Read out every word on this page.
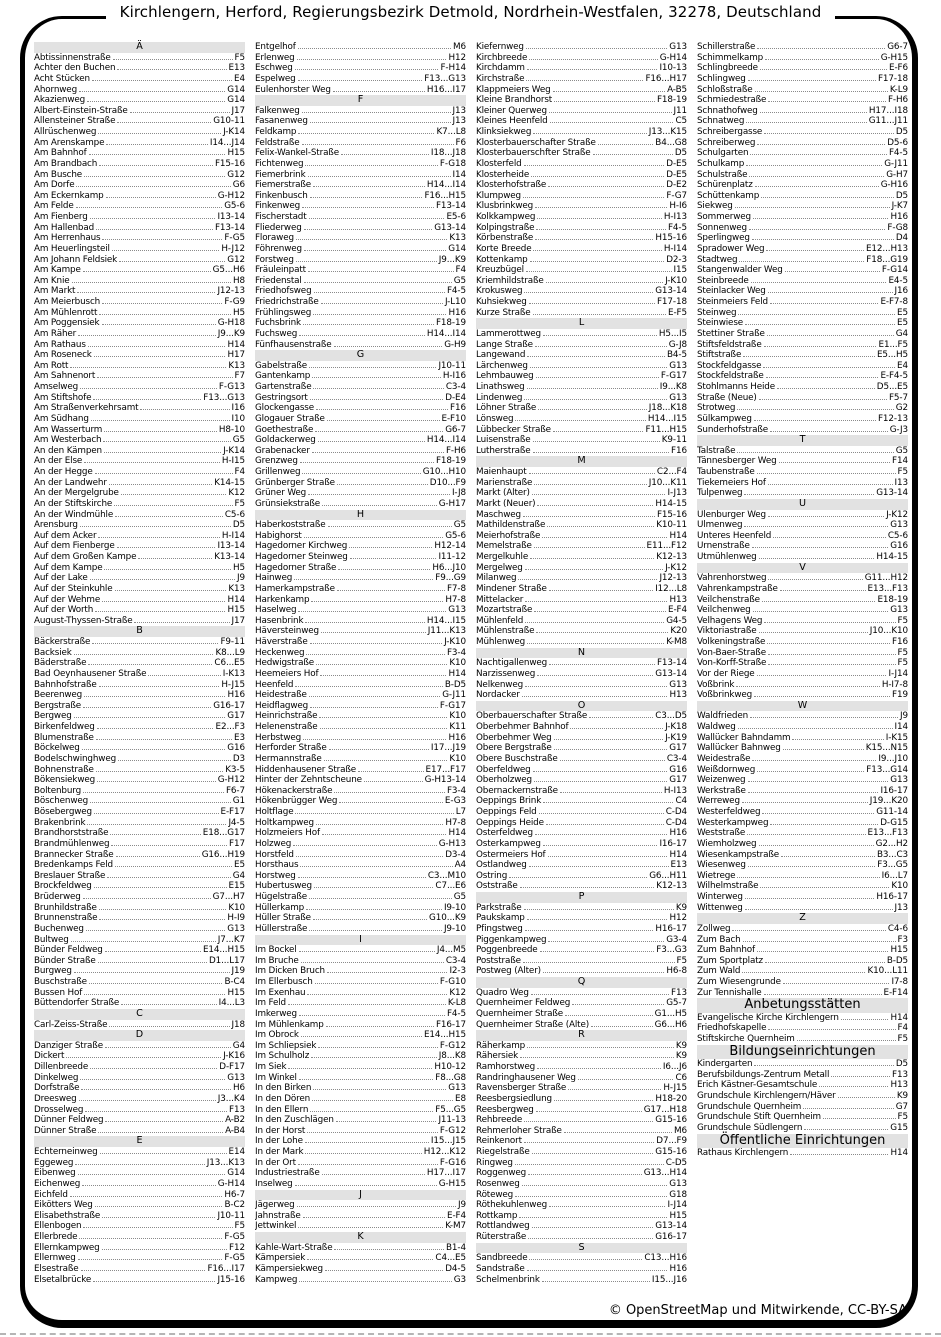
Kirchlengern, Herford, Regierungsbezirk Detmold, Nordrhein-Westfalen, 32278, Deutschland
Ä
Äbtissinnenstraße	F5
Achter den Buchen	E13
Acht Stücken	E4
Ahornweg	G14
Akazienweg	G14
Albert-Einstein-Straße	J17
Allensteiner Straße	G10-11
Allrüschenweg	J-K14
Am Arenskampe	I14...J14
Am Bahnhof	H15
Am Brandbach	F15-16
Am Busche	G12
Am Dorfe	G6
Am Eckernkamp	G-H12
Am Felde	G5-6
Am Fienberg	I13-14
Am Hallenbad	F13-14
Am Herrenhaus	F-G5
Am Heuerlingsteil	H-J12
Am Johann Feldsiek	G12
Am Kampe	G5...H6
Am Knie	H8
Am Markt	J12-13
Am Meierbusch	F-G9
Am Mühlenrott	H5
Am Poggensiek	G-H18
Am Räher	J9...K9
Am Rathaus	H14
Am Roseneck	H17
Am Rott	K13
Am Sahnenort	F7
Amselweg	F-G13
Am Stiftshofe	F13...G13
Am Straßenverkehrsamt	I16
Am Südhang	I10
Am Wasserturm	H8-10
Am Westerbach	G5
An den Kämpen	J-K14
An der Else	H-I15
An der Hegge	F4
An der Landwehr	K14-15
An der Mergelgrube	K12
An der Stiftskirche	F5
An der Windmühle	C5-6
Arensburg	D5
Auf dem Acker	H-I14
Auf dem Fienberge	I13-14
Auf dem Großen Kampe	K13-14
Auf dem Kampe	H5
Auf der Lake	J9
Auf der Steinkuhle	K13
Auf der Wehme	H14
Auf der Worth	H15
August-Thyssen-Straße	J17
B
Bäckerstraße	F9-11
Backsiek	K8...L9
Bäderstraße	C6...E5
Bad Oeynhausener Straße	I-K13
Bahnhofstraße	H-J15
Beerenweg	H16
Bergstraße	G16-17
Bergweg	G17
Birkenfeldweg	E2...F3
Blumenstraße	E3
Böckelweg	G16
Bodelschwinghweg	D3
Bohnenstraße	K3-5
Bökensiekweg	G-H12
Boltenburg	F6-7
Böschenweg	G1
Bösebergweg	E-F17
Brakenbrink	J4-5
Brandhorststraße	E18...G17
Brandmühlenweg	F17
Brannecker Straße	G16...H19
Bredenkamps Feld	E5
Breslauer Straße	G4
Brockfeldweg	E15
Brüderweg	G7...H7
Brunhildstraße	K10
Brunnenstraße	H-I9
Buchenweg	G13
Bultweg	J7...K7
Bünder Feldweg	E14...H15
Bünder Straße	D1...L17
Burgweg	J19
Buschstraße	B-C4
Bussen Hof	H15
Büttendorfer Straße	I4...L3
C
Carl-Zeiss-Straße	J18
D
Danziger Straße	G4
Dickert	J-K16
Dillenbreede	D-F17
Dinkelweg	G13
Dorfstraße	H6
Dreesweg	J3...K4
Drosselweg	F13
Dünner Feldweg	A-B2
Dünner Straße	A-B4
E
Echterneinweg	E14
Eggeweg	J13...K13
Eibenweg	G14
Eichenweg	G-H14
Eichfeld	H6-7
Eikötters Weg	B-C2
Elisabethstraße	J10-11
Ellenbogen	F5
Ellerbrede	F-G5
Ellernkampweg	F12
Ellernweg	F-G5
Elsestraße	F16...I17
Elsetalbrücke	J15-16
Entgelhof	M6
Erlenweg	H12
Eschweg	F-H14
Espelweg	F13...G13
Eulenhorster Weg	H16...I17
F
Falkenweg	J13
Fasanenweg	J13
Feldkamp	K7...L8
Feldstraße	F6
Felix-Wankel-Straße	I18...J18
Fichtenweg	F-G18
Fiemerbrink	I14
Fiemerstraße	H14...I14
Finkenbusch	F16...H15
Finkenweg	F13-14
Fischerstadt	E5-6
Fliederweg	G13-14
Floraweg	K13
Föhrenweg	G14
Forstweg	J9...K9
Fräuleinpatt	F4
Friedenstal	G5
Friedhofsweg	F4-5
Friedrichstraße	J-L10
Frühlingsweg	H16
Fuchsbrink	F18-19
Fuchsweg	H14...I14
Fünfhausenstraße	G-H9
G
Gabelstraße	J10-11
Gantenkamp	H-I16
Gartenstraße	C3-4
Gestringsort	D-E4
Glockengasse	F16
Glogauer Straße	E-F10
Goethestraße	G6-7
Goldackerweg	H14...I14
Grabenacker	F-H6
Grenzweg	F18-19
Grillenweg	G10...H10
Grünberger Straße	D10...F9
Grüner Weg	I-J8
Grünsiekstraße	G-H17
H
Haberkoststraße	G5
Habighorst	G5-6
Hagedorner Kirchweg	H12-14
Hagedorner Steinweg	I11-12
Hagedorner Straße	H6...J10
Hainweg	F9...G9
Hamerkampstraße	F7-8
Harkenkamp	H7-8
Haselweg	G13
Hasenbrink	H14...I15
Häversteinweg	J11...K13
Häverstraße	J-K10
Heckenweg	F3-4
Hedwigstraße	K10
Heemeiers Hof	H14
Heenfeld	B-D5
Heidestraße	G-J11
Heidflagweg	F-G17
Heinrichstraße	K10
Helenenstraße	K11
Herbstweg	H16
Herforder Straße	I17...J19
Hermannstraße	K10
Hiddenhausener Straße	E17...F17
Hinter der Zehntscheune	G-H13-14
Hökenackerstraße	F3-4
Hökenbrügger Weg	E-G3
Holtflage	L7
Holtkampweg	H7-8
Holzmeiers Hof	H14
Holzweg	G-H13
Horstfeld	D3-4
Horsthaus	A4
Horstweg	C3...M10
Hubertusweg	C7...E6
Hügelstraße	G5
Hüllerkamp	I9-10
Hüller Straße	G10...K9
Hüllerstraße	J9-10
I
Im Bockel	J4...M5
Im Bruche	C3-4
Im Dicken Bruch	I2-3
Im Ellerbusch	F-G10
Im Exenhau	K12
Im Feld	K-L8
Imkerweg	F4-5
Im Mühlenkamp	F16-17
Im Obrock	E14...H15
Im Schliepsiek	F-G12
Im Schulholz	J8...K8
Im Siek	H10-12
Im Winkel	F8...G8
In den Birken	G13
In den Dören	E8
In den Ellern	F5...G5
In den Zuschlägen	J11-13
In der Horst	F-G12
In der Lohe	I15...J15
In der Mark	H12...K12
In der Ort	F-G16
Industriestraße	H17...I17
Inselweg	G-H15
J
Jägerweg	J9
Jahnstraße	E-F4
Jettwinkel	K-M7
K
Kahle-Wart-Straße	B1-4
Kämpersiek	C4...E5
Kämpersiekweg	D4-5
Kampweg	G3
Kiefernweg	G13
Kirchbreede	G-H14
Kirchdamm	I10-13
Kirchstraße	F16...H17
Klappmeiers Weg	A-B5
Kleine Brandhorst	F18-19
Kleiner Querweg	J11
Kleines Heenfeld	C5
Klinksiekweg	J13...K15
Klosterbauerschafter Straße	B4...G8
Klosterbauerschfter Straße	D5
Klosterfeld	D-E5
Klosterheide	D-E5
Klosterhofstraße	D-E2
Klumpweg	F-G7
Klusbrinkweg	H-I6
Kolkkampweg	H-I13
Kolpingstraße	F4-5
Körbenstraße	H15-16
Korte Breede	H-I14
Kottenkamp	D2-3
Kreuzbügel	I15
Kriemhildstraße	J-K10
Krokusweg	G13-14
Kuhsiekweg	F17-18
Kurze Straße	E-F5
L
Lammerottweg	H5...I5
Lange Straße	G-J8
Langewand	B4-5
Lärchenweg	G13
Lehmbauweg	F-G17
Linathsweg	I9...K8
Lindenweg	G13
Löhner Straße	J18...K18
Lönsweg	H14...I15
Lübbecker Straße	F11...H15
Luisenstraße	K9-11
Lutherstraße	F16
M
Maienhaupt	C2...F4
Marienstraße	J10...K11
Markt (Alter)	I-J13
Markt (Neuer)	H14-15
Maschweg	F15-16
Mathildenstraße	K10-11
Meierhofstraße	H14
Memelstraße	E11...F12
Mergelkuhle	K12-13
Mergelweg	J-K12
Milanweg	J12-13
Mindener Straße	I12...L8
Mittelacker	H13
Mozartstraße	E-F4
Mühlenfeld	G4-5
Mühlenstraße	K20
Mühlenweg	K-M8
N
Nachtigallenweg	F13-14
Narzissenweg	G13-14
Nelkenweg	G13
Nordacker	H13
O
Oberbauerschafter Straße	C3...D5
Oberbehmer Bahnhof	J-K18
Oberbehmer Weg	J-K19
Obere Bergstraße	G17
Obere Buschstraße	C3-4
Oberfeldweg	G16
Oberholzweg	G17
Obernackernstraße	H-I13
Oeppings Brink	C4
Oeppings Feld	C-D4
Oeppings Heide	C-D4
Osterfeldweg	H16
Osterkampweg	I16-17
Ostermeiers Hof	H14
Ostlandweg	E13
Ostring	G6...H11
Oststraße	K12-13
P
Parkstraße	K9
Paukskamp	H12
Pfingstweg	H16-17
Piggenkampweg	G3-4
Poggenbreede	F3...G3
Poststraße	F5
Postweg (Alter)	H6-8
Q
Quadro Weg	F13
Quernheimer Feldweg	G5-7
Quernheimer Straße	G1...H5
Quernheimer Straße (Alte)	G6...H6
R
Räherkamp	K9
Rähersiek	K9
Ramhorstweg	I6...J6
Randringhausener Weg	C6
Ravensberger Straße	H-J15
Reesbergsiedlung	H18-20
Reesbergweg	G17...H18
Rehbreede	G15-16
Rehmerloher Straße	M6
Reinkenort	D7...F9
Riegelstraße	G15-16
Ringweg	C-D5
Roggenweg	G13...H14
Rosenweg	G13
Röteweg	G18
Röthekuhlenweg	I-J14
Rottkamp	H15
Rottlandweg	G13-14
Rüterstraße	G16-17
S
Sandbreede	C13...H16
Sandstraße	H16
Schelmenbrink	I15...J16
Schillerstraße	G6-7
Schimmelkamp	G-H15
Schlingbreede	E-F6
Schlingweg	F17-18
Schloßstraße	K-L9
Schmiedestraße	F-H6
Schnathofweg	H17...I18
Schnatweg	G11...J11
Schreibergasse	D5
Schreiberweg	D5-6
Schulgarten	F4-5
Schulkamp	G-J11
Schulstraße	G-H7
Schürenplatz	G-H16
Schüttenkamp	D5
Siekweg	J-K7
Sommerweg	H16
Sonnenweg	F-G8
Sperlingweg	D4
Spradower Weg	E12...H13
Stadtweg	F18...G19
Stangenwalder Weg	F-G14
Steinbreede	E4-5
Steinlacker Weg	J16
Steinmeiers Feld	E-F7-8
Steinweg	E5
Steinwiese	E5
Stettiner Straße	G4
Stiftsfeldstraße	E1...F5
Stiftstraße	E5...H5
Stockfeldgasse	E4
Stockfeldstraße	E-F4-5
Stohlmanns Heide	D5...E5
Straße (Neue)	F5-7
Strotweg	G2
Sülkampweg	F12-13
Sunderhofstraße	G-J3
T
Talstraße	G5
Tännesberger Weg	F14
Taubenstraße	F5
Tiekemeiers Hof	I13
Tulpenweg	G13-14
U
Ulenburger Weg	J-K12
Ulmenweg	G13
Unteres Heenfeld	C5-6
Urnenstraße	G16
Utmühlenweg	H14-15
V
Vahrenhorstweg	G11...H12
Vahrenkampstraße	E13...F13
Veilchenstraße	E18-19
Veilchenweg	G13
Velhagens Weg	F5
Viktoriastraße	J10...K10
Volkeningstraße	F16
Von-Baer-Straße	F5
Von-Korff-Straße	F5
Vor der Riege	I-J14
Voßbrink	H-I7-8
Voßbrinkweg	F19
W
Waldfrieden	J9
Waldweg	I14
Wallücker Bahndamm	I-K15
Wallücker Bahnweg	K15...N15
Weidestraße	I9...J10
Weißdornweg	F13...G14
Weizenweg	G13
Werkstraße	I16-17
Werreweg	J19...K20
Westerfeldweg	G11-14
Westerkampweg	D-G15
Weststraße	E13...F13
Wiemholzweg	G2...H2
Wiesenkampstraße	B3...C3
Wiesenweg	F3...G5
Wietrege	I6...L7
Wilhelmstraße	K10
Winterweg	H16-17
Wittenweg	J13
Z
Zollweg	C4-6
Zum Bach	F3
Zum Bahnhof	H15
Zum Sportplatz	B-D5
Zum Wald	K10...L11
Zum Wiesengrunde	I7-8
Zur Tennishalle	E-F14
Anbetungsstätten
Evangelische Kirche Kirchlengern	H14
Friedhofskapelle	F4
Stiftskirche Quernheim	F5
Bildungseinrichtungen
Kindergarten	D5
Berufsbildungs-Zentrum Metall	F13
Erich Kästner-Gesamtschule	H13
Grundschule Kirchlengern/Häver	K9
Grundschule Quernheim	G7
Grundschule Stift Quernheim	F5
Grundschule Südlengern	G15
Öffentliche Einrichtungen
Rathaus Kirchlengern	H14
© OpenStreetMap und Mitwirkende, CC-BY-SA
